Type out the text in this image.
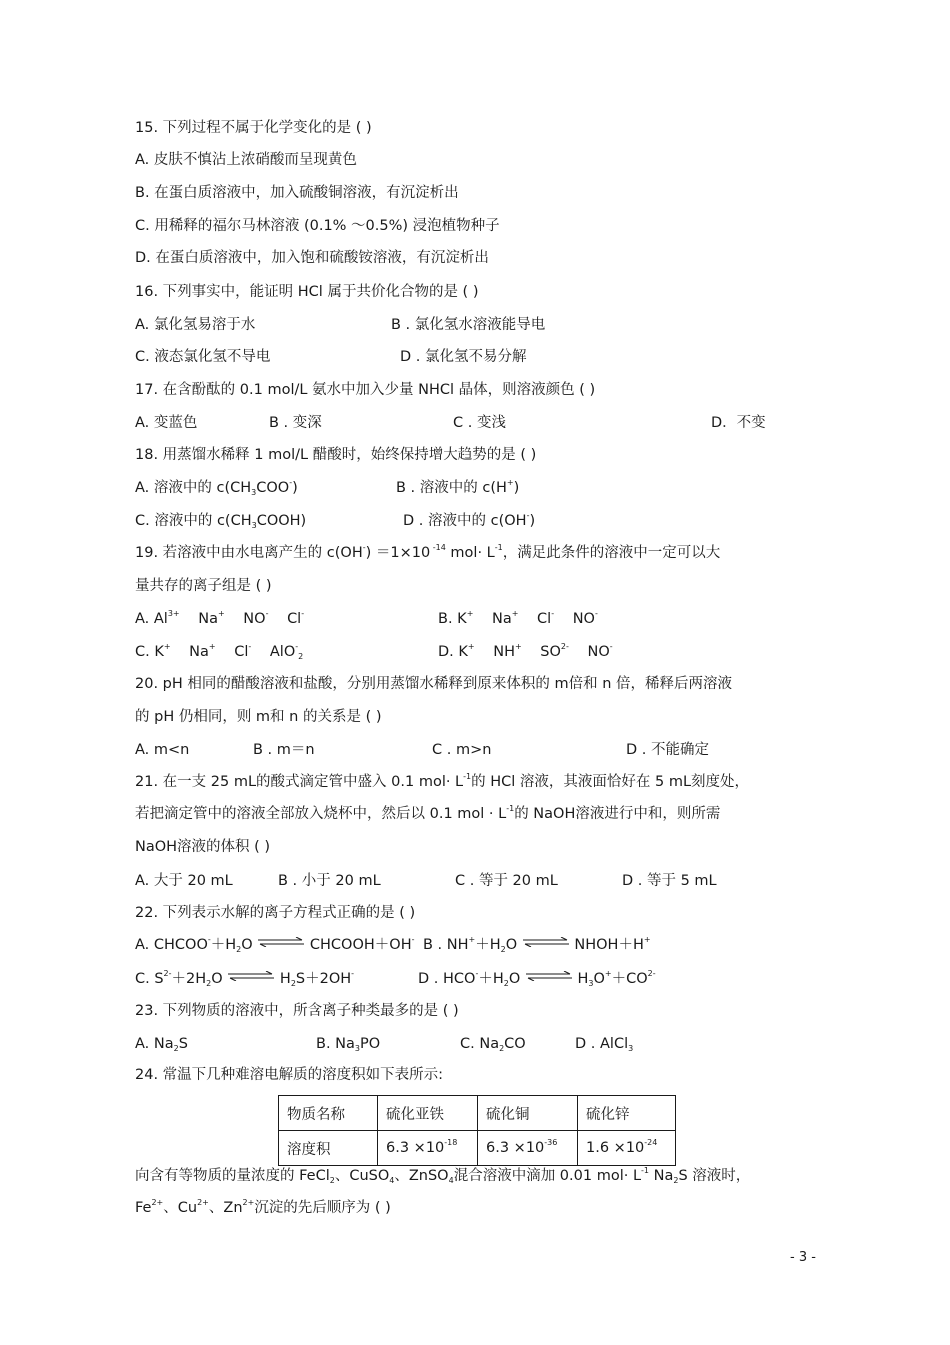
15. 下列过程不属于化学变化的是 ( )
A. 皮肤不慎沾上浓硝酸而呈现黄色
B. 在蛋白质溶液中，加入硫酸铜溶液，有沉淀析出
C. 用稀释的福尔马林溶液 (0.1% ～0.5%) 浸泡植物种子
D. 在蛋白质溶液中，加入饱和硫酸铵溶液，有沉淀析出
16. 下列事实中，能证明 HCl 属于共价化合物的是 ( )
A. 氯化氢易溶于水	B . 氯化氢水溶液能导电
C. 液态氯化氢不导电	D . 氯化氢不易分解
17. 在含酚酞的 0.1 mol/L 氨水中加入少量 NHCl 晶体，则溶液颜色 ( )
A. 变蓝色	B . 变深	C . 变浅	D．不变
18. 用蒸馏水稀释 1 mol/L 醋酸时，始终保持增大趋势的是 ( )
A. 溶液中的 $c(CH_3COO^-)$	B . 溶液中的 c(H+)
C. 溶液中的 $c(CH_3COOH)$	D . 溶液中的 c(OH-)
19. 若溶液中由水电离产生的 c(OH-) ＝1×10 $^{-14}$ $mol\cdot L^{-1}$，满足此条件的溶液中一定可以大
量共存的离子组是 ( )
A. $Al^{3+}$ Na+ NO- Cl-	B. K+ Na+ Cl- NO-
C. K+ Na+ Cl- AlO-$_2$	D. K+ NH+ $SO^{2-}$ NO-
20. pH 相同的醋酸溶液和盐酸，分别用蒸馏水稀释到原来体积的 m倍和 n 倍，稀释后两溶液
的 pH 仍相同，则 m和 n 的关系是 ( )
A. m<n	B . m＝n	C . m>n	D . 不能确定
21. 在一支 25 mL的酸式滴定管中盛入 0.1 $mol\cdot L^{-1}$的 HCl 溶液，其液面恰好在 5 mL刻度处，
若把滴定管中的溶液全部放入烧杯中，然后以 0.1 mol · $L^{-1}$的 NaOH溶液进行中和，则所需
NaOH溶液的体积 ( )
A. 大于 20 mL	B . 小于 20 mL	C . 等于 20 mL	D . 等于 5 mL
22. 下列表示水解的离子方程式正确的是 ( )
A. $CHCOO^-+H_2O$ ⇌ CHCOOH＋OH- B . $NH^++H_2O$ ⇌ NHOH＋H+
C. $S^{2-}+2H_2O$ ⇌ $H_2S+2OH^-$	D . $HCO^-+H_2O$ ⇌ $H_3O^++CO^{2-}$
23. 下列物质的溶液中，所含离子种类最多的是 ( )
A. $Na_2S$	B. $Na_3PO$	C. $Na_2CO$	D . AlCl$_3$
24. 常温下几种难溶电解质的溶度积如下表所示:
物质名称	硫化亚铁	硫化铜	硫化锌
溶度积	$6.3 \times 10^{-18}$	$6.3 \times 10^{-36}$	$1.6 \times 10^{-24}$
向含有等物质的量浓度的 FeCl$_2$、CuSO$_4$、ZnSO$_4$混合溶液中滴加 0.01 $mol\cdot L^{-1}$ $Na_2S$ 溶液时，
$Fe^{2+}$、$Cu^{2+}$、$Zn^{2+}$沉淀的先后顺序为 ( )
- 3 -
